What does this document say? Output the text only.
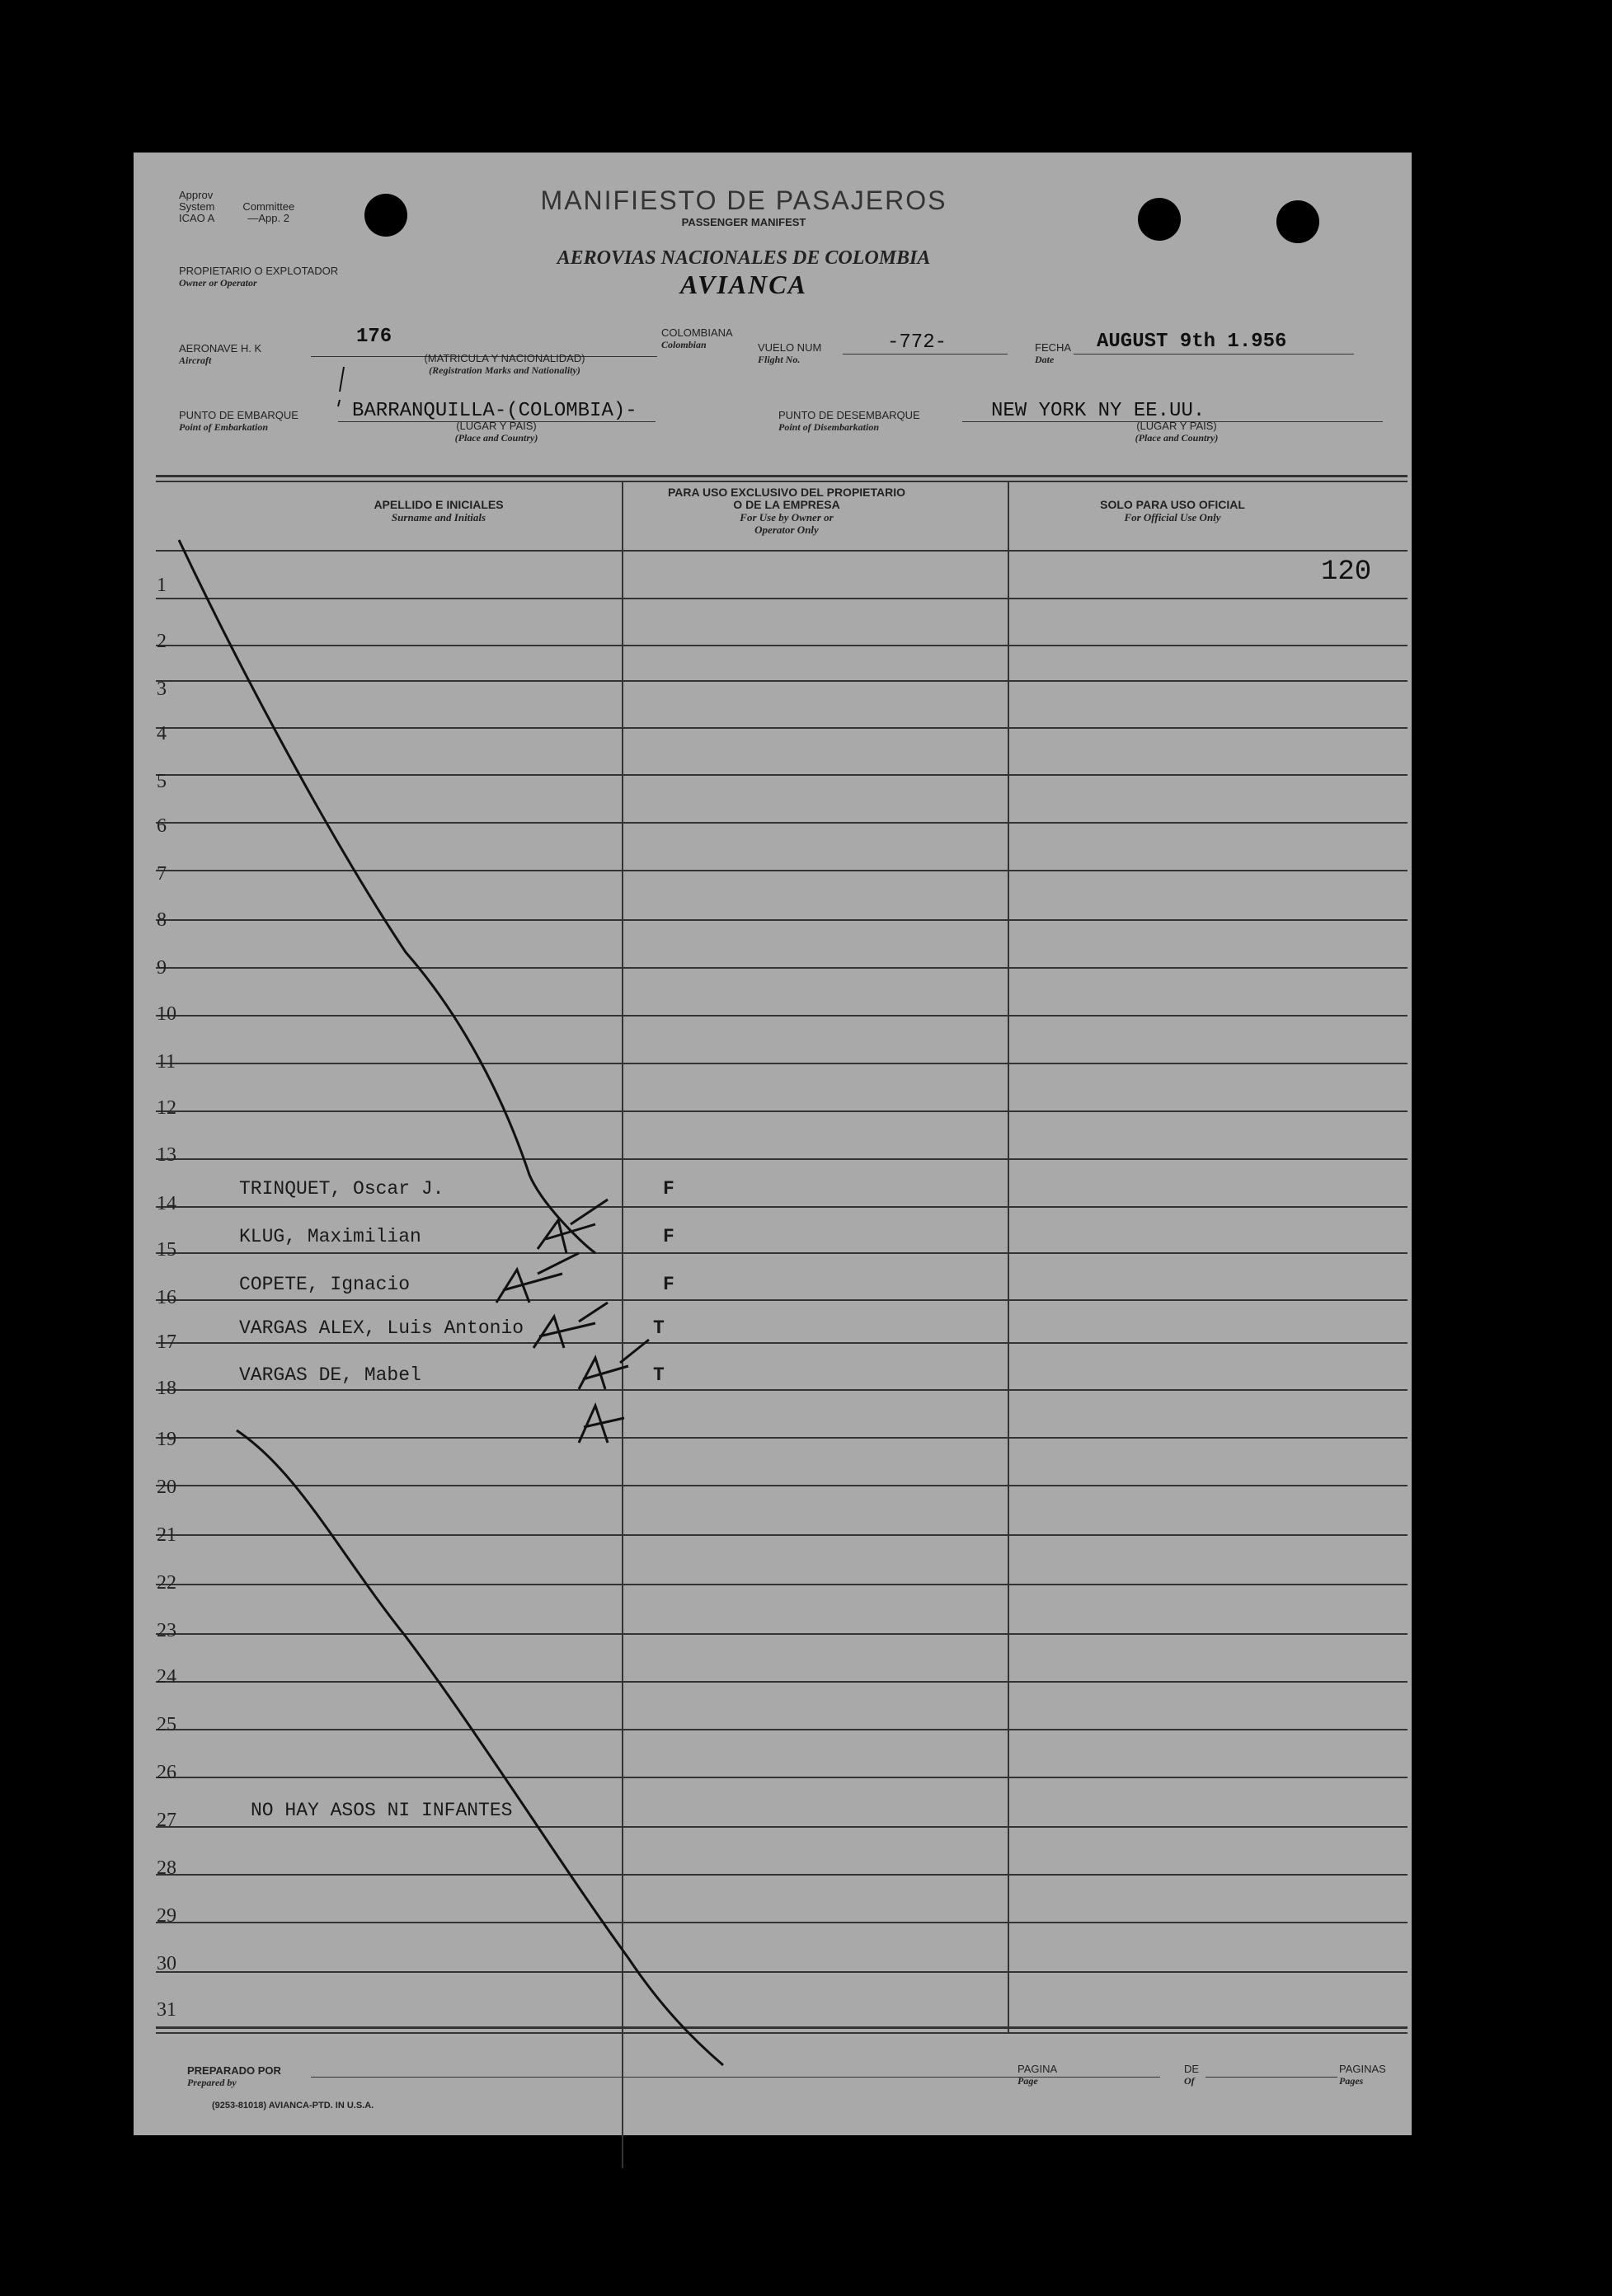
Approv
System	Committee
ICAO A	—App. 2
MANIFIESTO DE PASAJEROS
PASSENGER MANIFEST
AEROVIAS NACIONALES DE COLOMBIA
AVIANCA
PROPIETARIO O EXPLOTADOR
Owner or Operator
AERONAVE H. K
Aircraft
176
(MATRICULA Y NACIONALIDAD)
(Registration Marks and Nationality)
COLOMBIANA
Colombian	VUELO NUM
Flight No.
-772-	FECHA
Date
AUGUST 9th 1.956
PUNTO DE EMBARQUE
Point of Embarkation
BARRANQUILLA-(COLOMBIA)-
(LUGAR Y PAIS)
(Place and Country)
PUNTO DE DESEMBARQUE
Point of Disembarkation
NEW YORK NY EE.UU.
(LUGAR Y PAIS)
(Place and Country)
APELLIDO E INICIALES
Surname and Initials
PARA USO EXCLUSIVO DEL PROPIETARIO
O DE LA EMPRESA
For Use by Owner or
Operator Only
SOLO PARA USO OFICIAL
For Official Use Only
120
1
2
3
4
5
6
7
8
9
10
11
12
13
14
15
16
17
18
19
20
21
22
23
24
25
26
27
28
29
30
31
TRINQUET, Oscar J.	F
KLUG, Maximilian	F
COPETE, Ignacio	F
VARGAS ALEX, Luis Antonio	T
VARGAS DE, Mabel	T
NO HAY ASOS NI INFANTES
PREPARADO POR
Prepared by
(9253-81018) AVIANCA-PTD. IN U.S.A.
PAGINA
Page
DE
Of
PAGINAS
Pages
